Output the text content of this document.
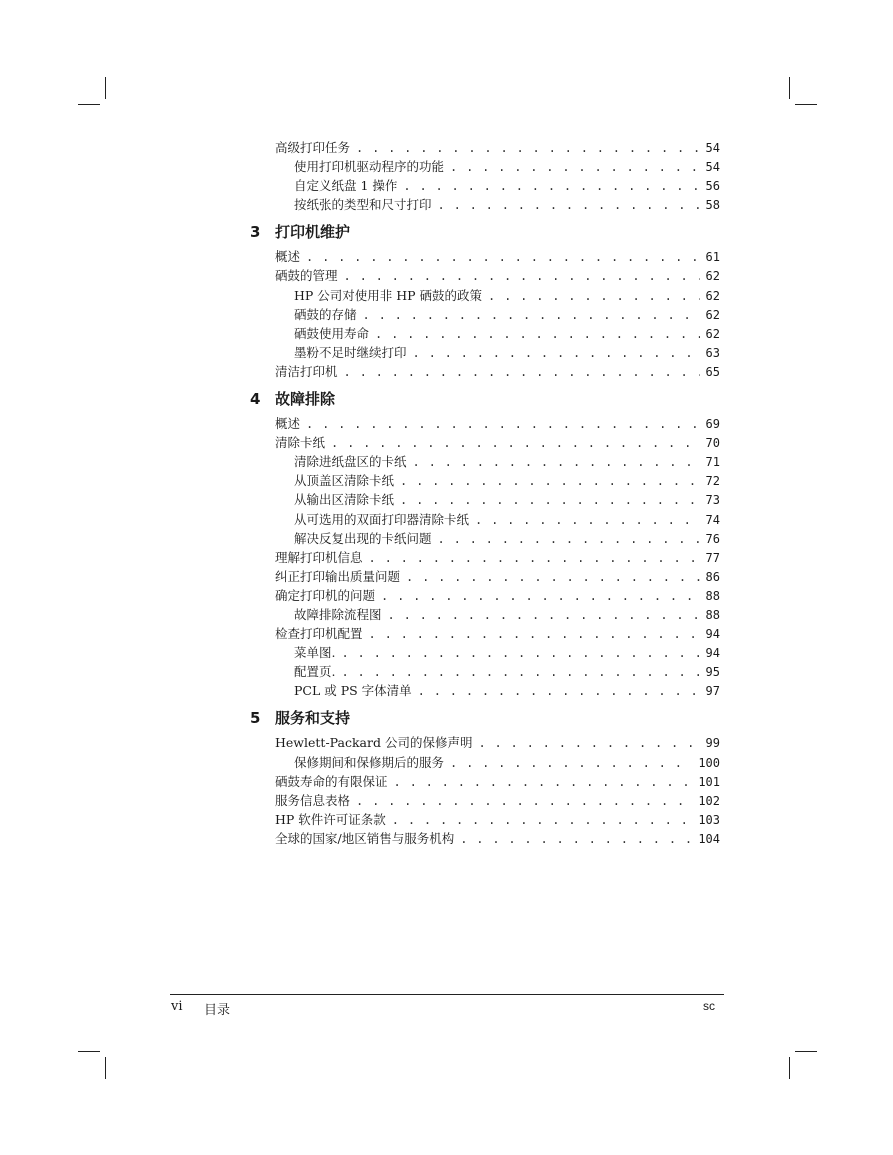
高级打印任务 . . .	54
使用打印机驱动程序的功能 . . .	54
自定义纸盘 1 操作 . . .	56
按纸张的类型和尺寸打印 . . .	58
3 打印机维护
概述 . . .	61
硒鼓的管理 . . .	62
HP 公司对使用非 HP 硒鼓的政策 . . .	62
硒鼓的存储 . . .	62
硒鼓使用寿命 . . .	62
墨粉不足时继续打印 . . .	63
清洁打印机 . . .	65
4 故障排除
概述 . . .	69
清除卡纸 . . .	70
清除进纸盘区的卡纸 . . .	71
从顶盖区清除卡纸 . . .	72
从输出区清除卡纸 . . .	73
从可选用的双面打印器清除卡纸 . . .	74
解决反复出现的卡纸问题 . . .	76
理解打印机信息 . . .	77
纠正打印输出质量问题 . . .	86
确定打印机的问题 . . .	88
故障排除流程图 . . .	88
检查打印机配置 . . .	94
菜单图. . . .	94
配置页. . . .	95
PCL 或 PS 字体清单 . . .	97
5 服务和支持
Hewlett-Packard 公司的保修声明 . . .	99
保修期间和保修期后的服务 . . .	100
硒鼓寿命的有限保证 . . .	101
服务信息表格 . . .	102
HP 软件许可证条款 . . .	103
全球的国家/地区销售与服务机构 . . .	104
vi 目录	sc
